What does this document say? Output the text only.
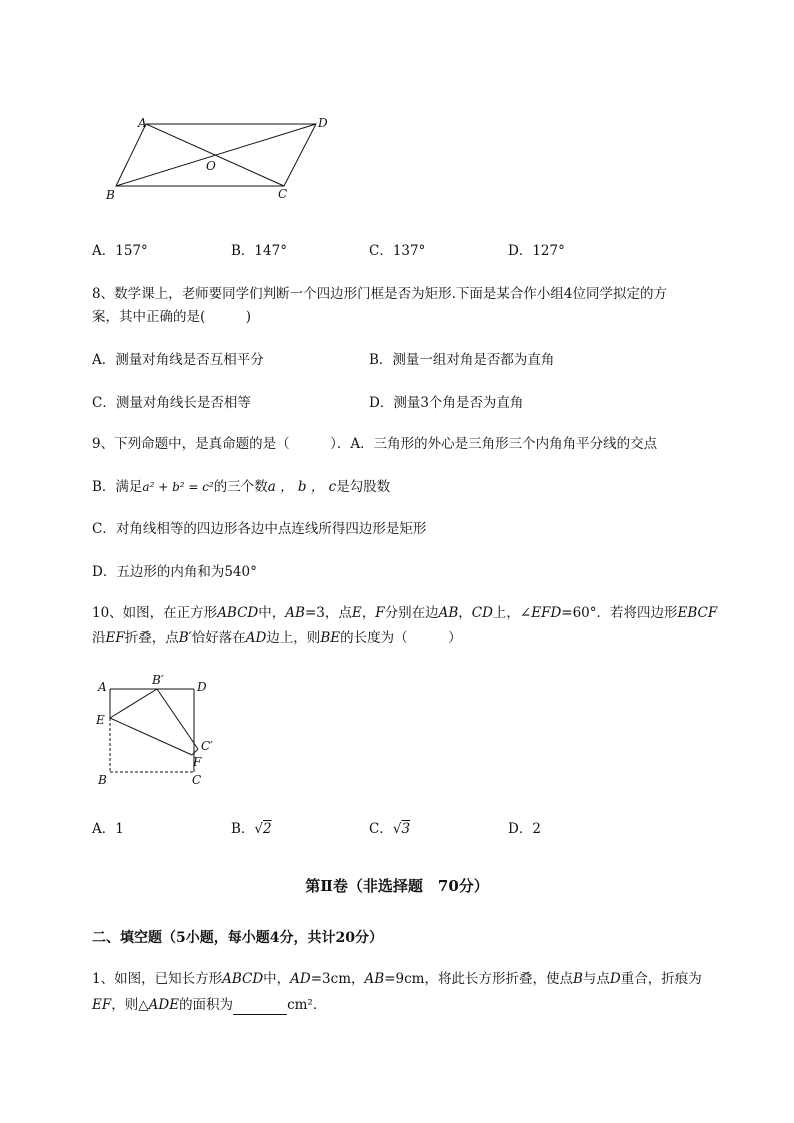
A	D
B	C
O
A．157°	B．147°	C．137°	D．127°
8、数学课上，老师要同学们判断一个四边形门框是否为矩形.下面是某合作小组4位同学拟定的方
案，其中正确的是(　　　)
A．测量对角线是否互相平分	B．测量一组对角是否都为直角
C．测量对角线长是否相等	D．测量3个角是否为直角
9、下列命题中，是真命题的是（　　　）．A．三角形的外心是三角形三个内角角平分线的交点
B．满足a² + b² = c²的三个数a ， b ， c是勾股数
C．对角线相等的四边形各边中点连线所得四边形是矩形
D．五边形的内角和为540°
10、如图，在正方形ABCD中，AB=3，点E，F分别在边AB，CD上，∠EFD=60°．若将四边形EBCF
沿EF折叠，点B′恰好落在AD边上，则BE的长度为（　　　）
A	B′	D
E
C′
F
B	C
A．1	B．√2	C．√3	D．2
第Ⅱ卷（非选择题　70分）
二、填空题（5小题，每小题4分，共计20分）
1、如图，已知长方形ABCD中，AD=3cm，AB=9cm，将此长方形折叠，使点B与点D重合，折痕为
EF，则△ADE的面积为	cm²．
